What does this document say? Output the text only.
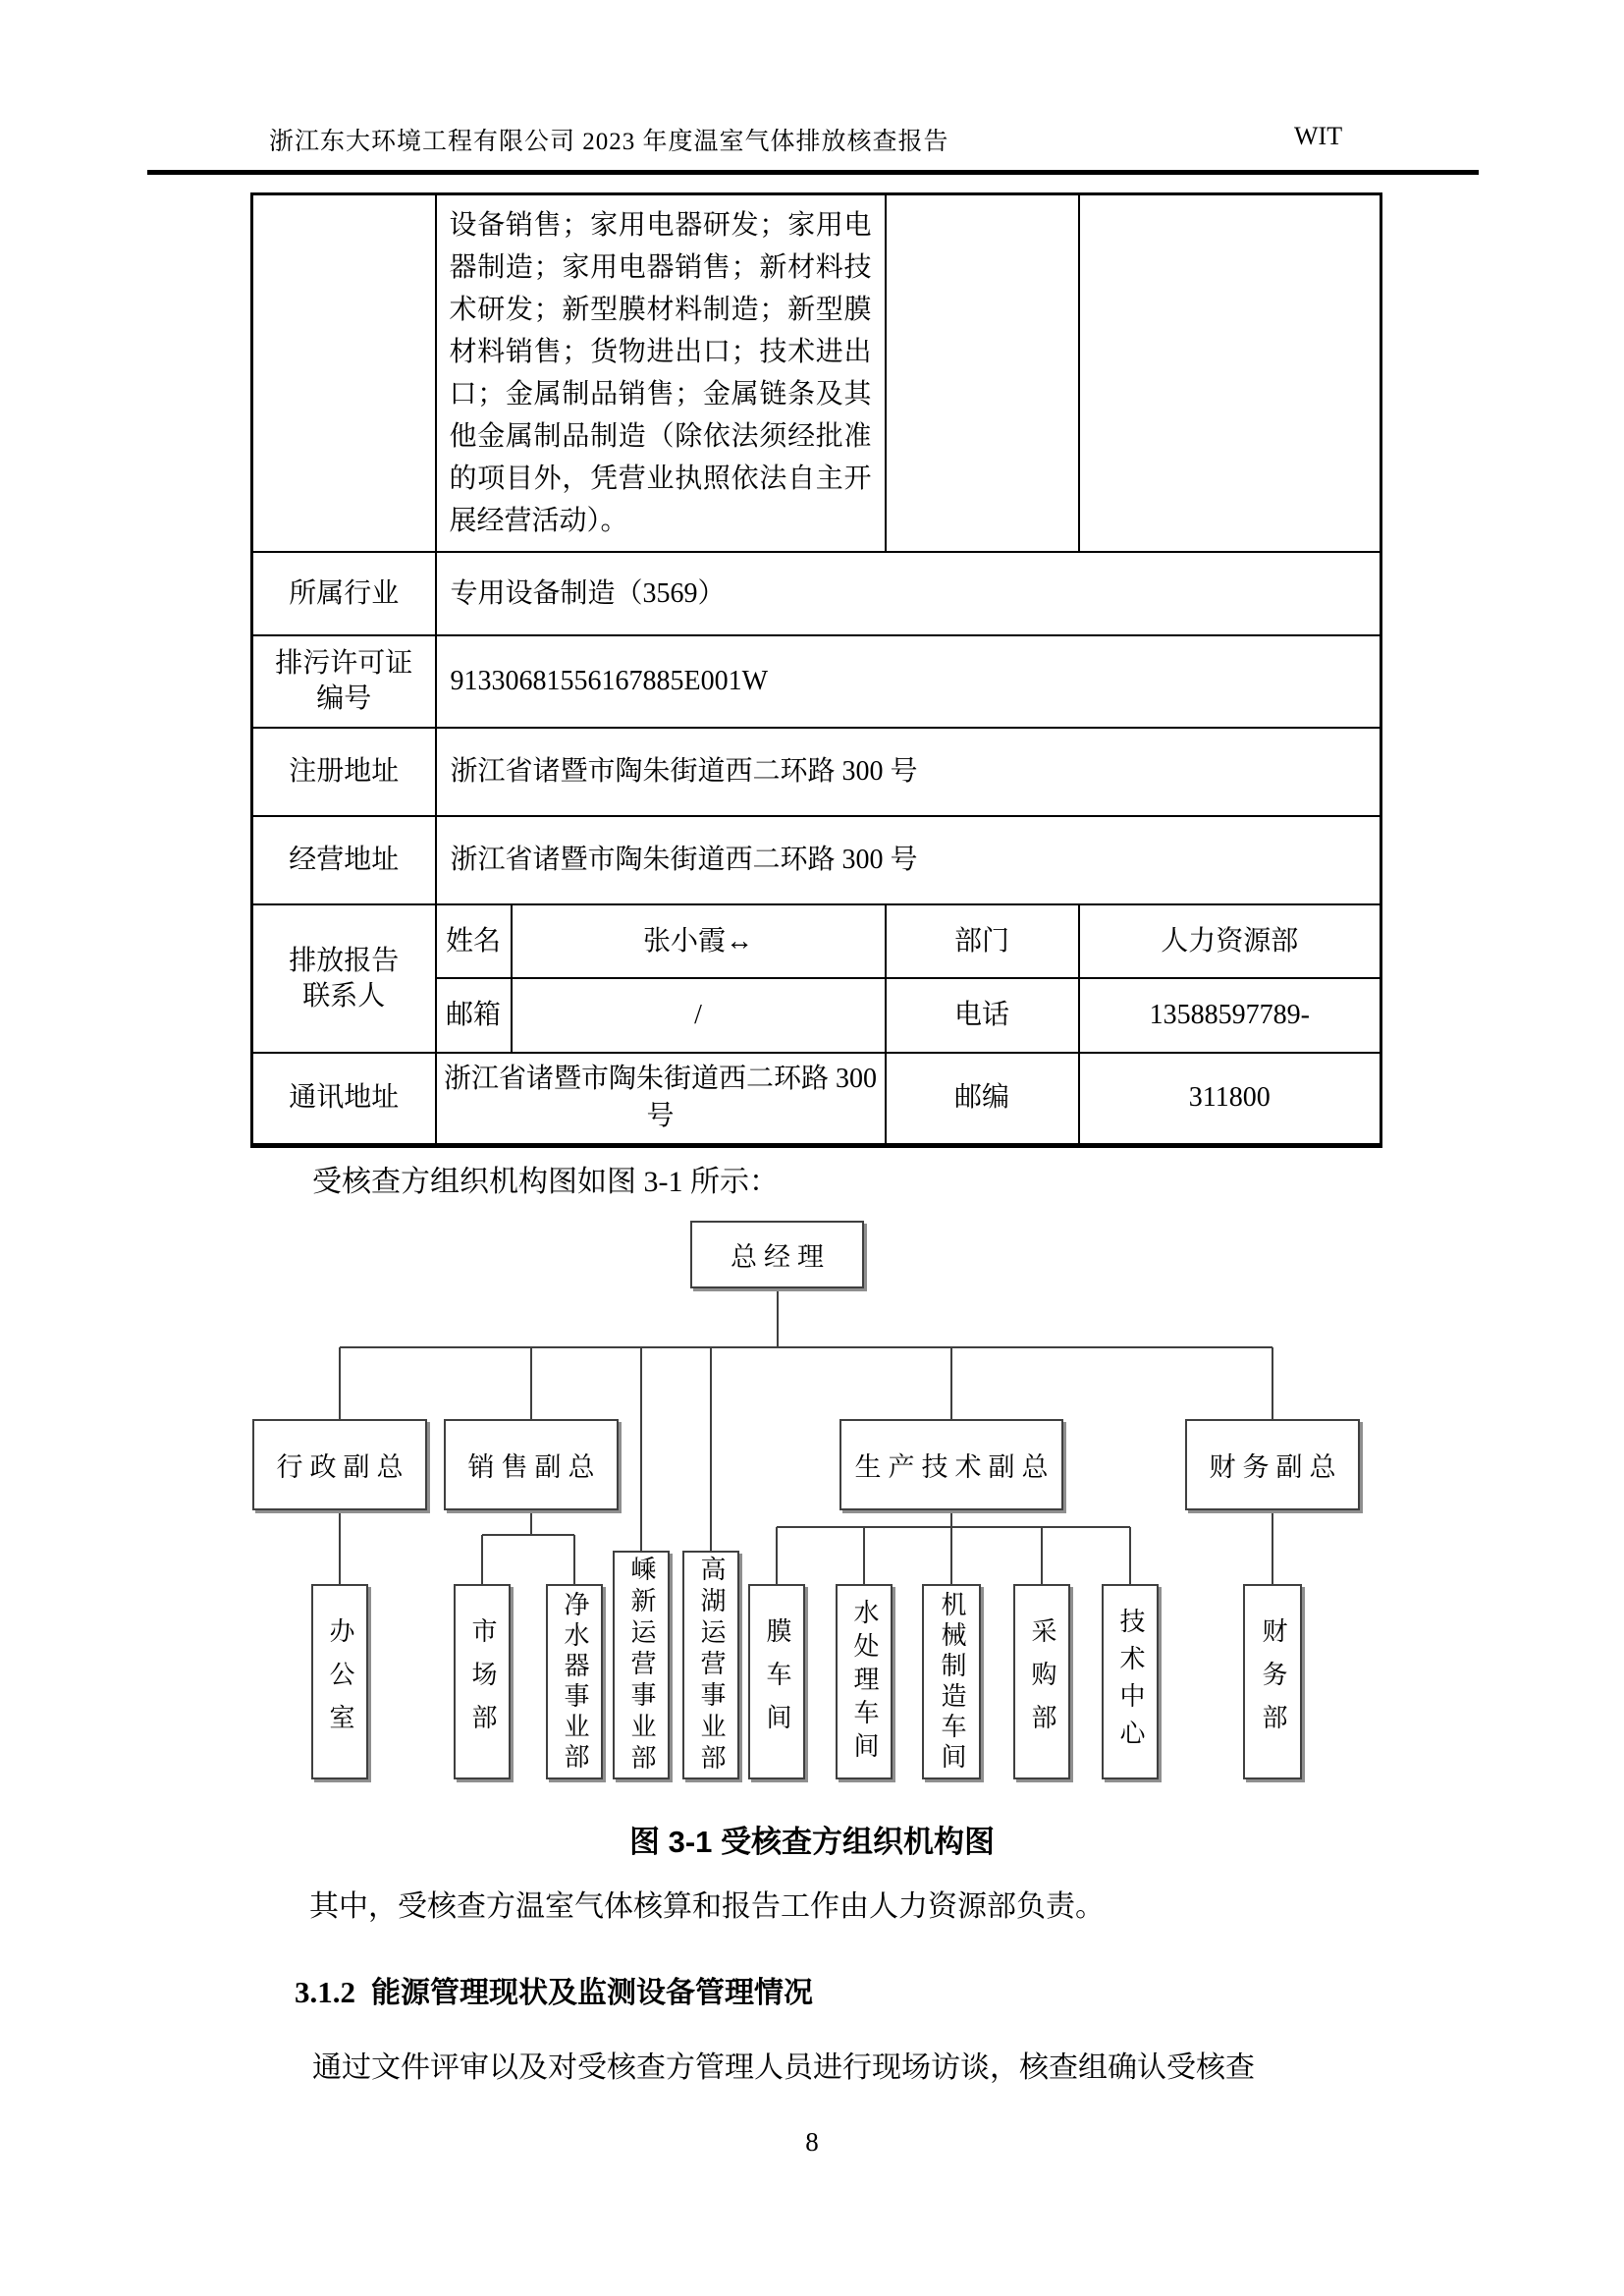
浙江东大环境工程有限公司 2023 年度温室气体排放核查报告	WIT
	设备销售；家用电器研发；家用电器制造；家用电器销售；新材料技术研发；新型膜材料制造；新型膜材料销售；货物进出口；技术进出口；金属制品销售；金属链条及其他金属制品制造（除依法须经批准的项目外，凭营业执照依法自主开展经营活动）。			
所属行业	专用设备制造（3569）			
排污许可证编号	91330681556167885E001W			
注册地址	浙江省诸暨市陶朱街道西二环路 300 号			
经营地址	浙江省诸暨市陶朱街道西二环路 300 号			
排放报告联系人	姓名	张小霞↔	部门	人力资源部
	邮箱	/	电话	13588597789-
通讯地址	浙江省诸暨市陶朱街道西二环路 300 号		邮编	311800
受核查方组织机构图如图 3-1 所示：
总经理
行政副总	销售副总	生产技术副总	财务副总
办公室	市场部	净水器事业部 嵊新运营事业部 高湖运营事业部 膜车间 水处理车间 机械制造车间 采购部 技术中心	财务部
图 3-1 受核查方组织机构图
其中，受核查方温室气体核算和报告工作由人力资源部负责。
3.1.2 能源管理现状及监测设备管理情况
通过文件评审以及对受核查方管理人员进行现场访谈，核查组确认受核查
8
